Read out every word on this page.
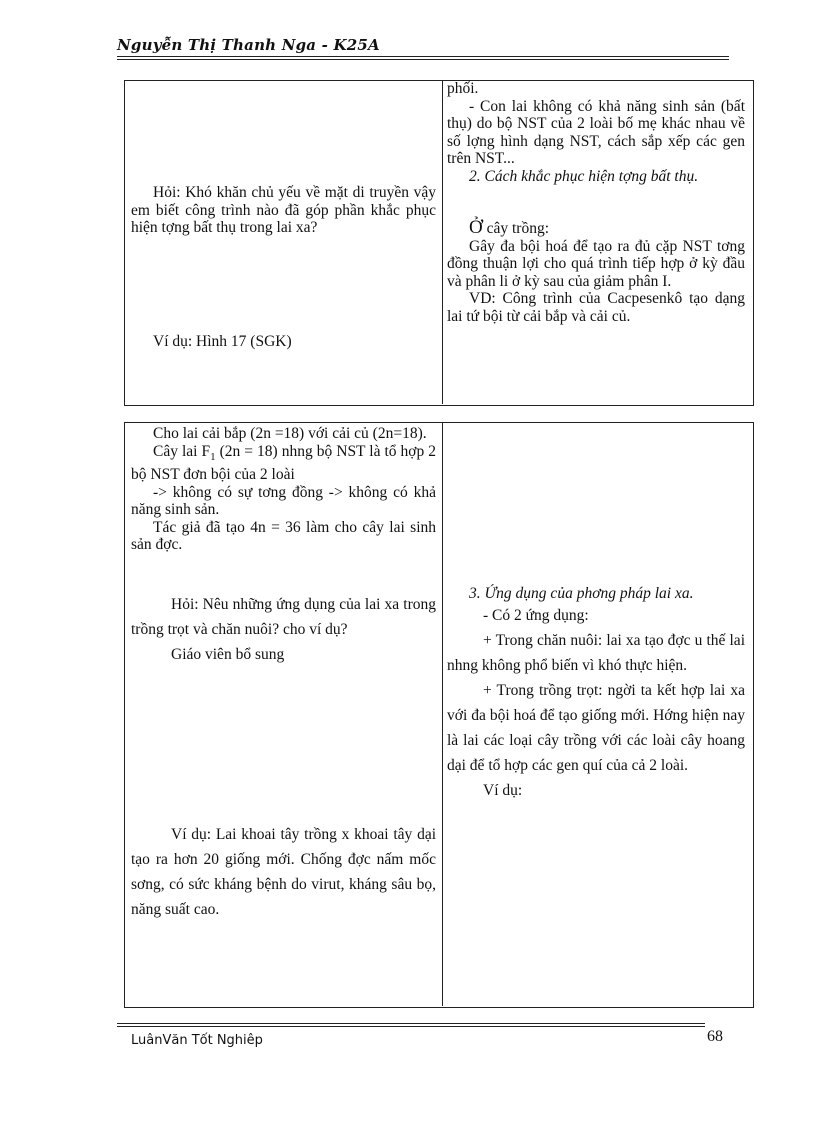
Nguyễn Thị Thanh Nga - K25A

Hỏi: Khó khăn chủ yếu về mặt di truyền vậy em biết công trình nào đã góp phần khắc phục hiện tợng bất thụ trong lai xa?

Ví dụ: Hình 17 (SGK)

phối.

- Con lai không có khả năng sinh sản (bất thụ) do bộ NST của 2 loài bố mẹ khác nhau về số lợng hình dạng NST, cách sắp xếp các gen trên NST...

2. Cách khắc phục hiện tợng bất thụ.

Ở cây trồng:

Gây đa bội hoá để tạo ra đủ cặp NST tơng đồng thuận lợi cho quá trình tiếp hợp ở kỳ đầu và phân li ở kỳ sau của giảm phân I.

VD: Công trình của Cacpesenkô tạo dạng lai tứ bội từ cải bắp và cải củ.

Cho lai cải bắp (2n =18) với cải củ (2n=18).

Cây lai $F_1$ (2n = 18) nhng bộ NST là tổ hợp 2 bộ NST đơn bội của 2 loài

-> không có sự tơng đồng -> không có khả năng sinh sản.

Tác giả đã tạo 4n = 36 làm cho cây lai sinh sản đợc.

Hỏi: Nêu những ứng dụng của lai xa trong trồng trọt và chăn nuôi? cho ví dụ?

Giáo viên bổ sung

Ví dụ: Lai khoai tây trồng x khoai tây dại tạo ra hơn 20 giống mới. Chống đợc nấm mốc sơng, có sức kháng bệnh do virut, kháng sâu bọ, năng suất cao.

3. Ứng dụng của phơng pháp lai xa.

- Có 2 ứng dụng:

+ Trong chăn nuôi: lai xa tạo đợc u thế lai nhng không phổ biến vì khó thực hiện.

+ Trong trồng trọt: ngời ta kết hợp lai xa với đa bội hoá để tạo giống mới. Hớng hiện nay là lai các loại cây trồng với các loài cây hoang dại để tổ hợp các gen quí của cả 2 loài.

Ví dụ:

LuânVăn Tốt Nghiêp	68
